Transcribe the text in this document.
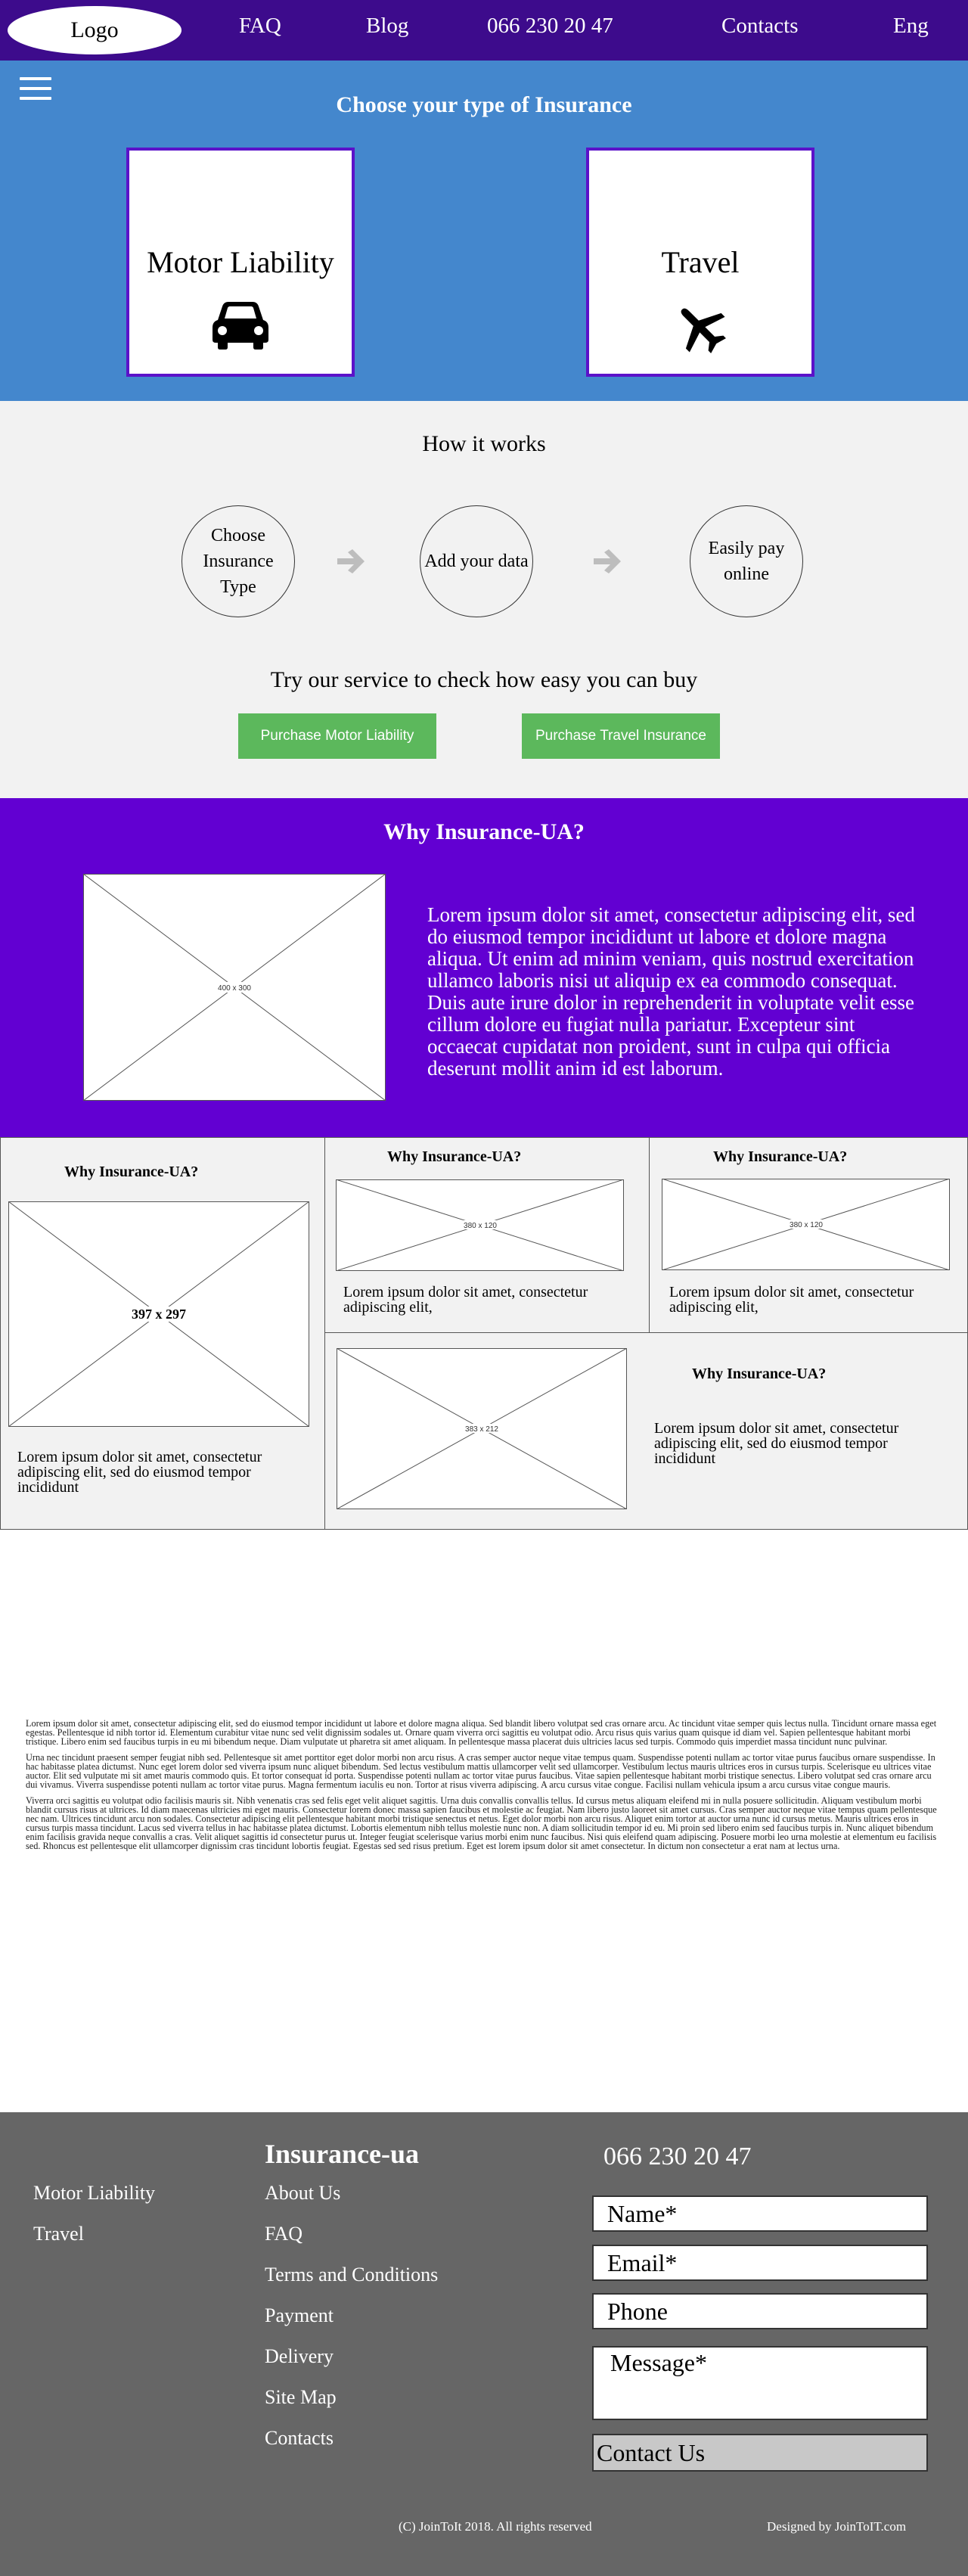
Logo	FAQ	Blog	066 230 20 47	Contacts	Eng
Choose your type of Insurance
Motor Liability	Travel
How it works
Choose Insurance Type
Add your data
Easily pay online
Try our service to check how easy you can buy
Purchase Motor Liability	Purchase Travel Insurance
Why Insurance-UA?
400 x 300
Lorem ipsum dolor sit amet, consectetur adipiscing elit, sed do eiusmod tempor incididunt ut labore et dolore magna aliqua. Ut enim ad minim veniam, quis nostrud exercitation ullamco laboris nisi ut aliquip ex ea commodo consequat. Duis aute irure dolor in reprehenderit in voluptate velit esse cillum dolore eu fugiat nulla pariatur. Excepteur sint occaecat cupidatat non proident, sunt in culpa qui officia deserunt mollit anim id est laborum.
Why Insurance-UA?
397 x 297
Lorem ipsum dolor sit amet, consectetur adipiscing elit, sed do eiusmod tempor incididunt
Why Insurance-UA?
380 x 120
Lorem ipsum dolor sit amet, consectetur adipiscing elit,
Why Insurance-UA?
380 x 120
Lorem ipsum dolor sit amet, consectetur adipiscing elit,
383 x 212
Why Insurance-UA?
Lorem ipsum dolor sit amet, consectetur adipiscing elit, sed do eiusmod tempor incididunt

Lorem ipsum dolor sit amet, consectetur adipiscing elit, sed do eiusmod tempor incididunt ut labore et dolore magna aliqua. Sed blandit libero volutpat sed cras ornare arcu. Ac tincidunt vitae semper quis lectus nulla. Tincidunt ornare massa eget egestas. Pellentesque id nibh tortor id. Elementum curabitur vitae nunc sed velit dignissim sodales ut. Ornare quam viverra orci sagittis eu volutpat odio. Arcu risus quis varius quam quisque id diam vel. Sapien pellentesque habitant morbi tristique. Libero enim sed faucibus turpis in eu mi bibendum neque. Diam vulputate ut pharetra sit amet aliquam. In pellentesque massa placerat duis ultricies lacus sed turpis. Commodo quis imperdiet massa tincidunt nunc pulvinar.

Urna nec tincidunt praesent semper feugiat nibh sed. Pellentesque sit amet porttitor eget dolor morbi non arcu risus. A cras semper auctor neque vitae tempus quam. Suspendisse potenti nullam ac tortor vitae purus faucibus ornare suspendisse. In hac habitasse platea dictumst. Nunc eget lorem dolor sed viverra ipsum nunc aliquet bibendum. Sed lectus vestibulum mattis ullamcorper velit sed ullamcorper. Vestibulum lectus mauris ultrices eros in cursus turpis. Scelerisque eu ultrices vitae auctor. Elit sed vulputate mi sit amet mauris commodo quis. Et tortor consequat id porta. Suspendisse potenti nullam ac tortor vitae purus faucibus. Vitae sapien pellentesque habitant morbi tristique senectus. Libero volutpat sed cras ornare arcu dui vivamus. Viverra suspendisse potenti nullam ac tortor vitae purus. Magna fermentum iaculis eu non. Tortor at risus viverra adipiscing. A arcu cursus vitae congue. Facilisi nullam vehicula ipsum a arcu cursus vitae congue mauris.

Viverra orci sagittis eu volutpat odio facilisis mauris sit. Nibh venenatis cras sed felis eget velit aliquet sagittis. Urna duis convallis convallis tellus. Id cursus metus aliquam eleifend mi in nulla posuere sollicitudin. Aliquam vestibulum morbi blandit cursus risus at ultrices. Id diam maecenas ultricies mi eget mauris. Consectetur lorem donec massa sapien faucibus et molestie ac feugiat. Nam libero justo laoreet sit amet cursus. Cras semper auctor neque vitae tempus quam pellentesque nec nam. Ultrices tincidunt arcu non sodales. Consectetur adipiscing elit pellentesque habitant morbi tristique senectus et netus. Eget dolor morbi non arcu risus. Aliquet enim tortor at auctor urna nunc id cursus metus. Mauris ultrices eros in cursus turpis massa tincidunt. Lacus sed viverra tellus in hac habitasse platea dictumst. Lobortis elementum nibh tellus molestie nunc non. A diam sollicitudin tempor id eu. Mi proin sed libero enim sed faucibus turpis in. Nunc aliquet bibendum enim facilisis gravida neque convallis a cras. Velit aliquet sagittis id consectetur purus ut. Integer feugiat scelerisque varius morbi enim nunc faucibus. Nisi quis eleifend quam adipiscing. Posuere morbi leo urna molestie at elementum eu facilisis sed. Rhoncus est pellentesque elit ullamcorper dignissim cras tincidunt lobortis feugiat. Egestas sed sed risus pretium. Eget est lorem ipsum dolor sit amet consectetur. In dictum non consectetur a erat nam at lectus urna.

Motor Liability
Travel
Insurance-ua
About Us
FAQ
Terms and Conditions
Payment
Delivery
Site Map
Contacts
066 230 20 47
Name*
Email*
Phone
Message*
Contact Us
(C) JoinToIt 2018. All rights reserved	Designed by JoinToIT.com
